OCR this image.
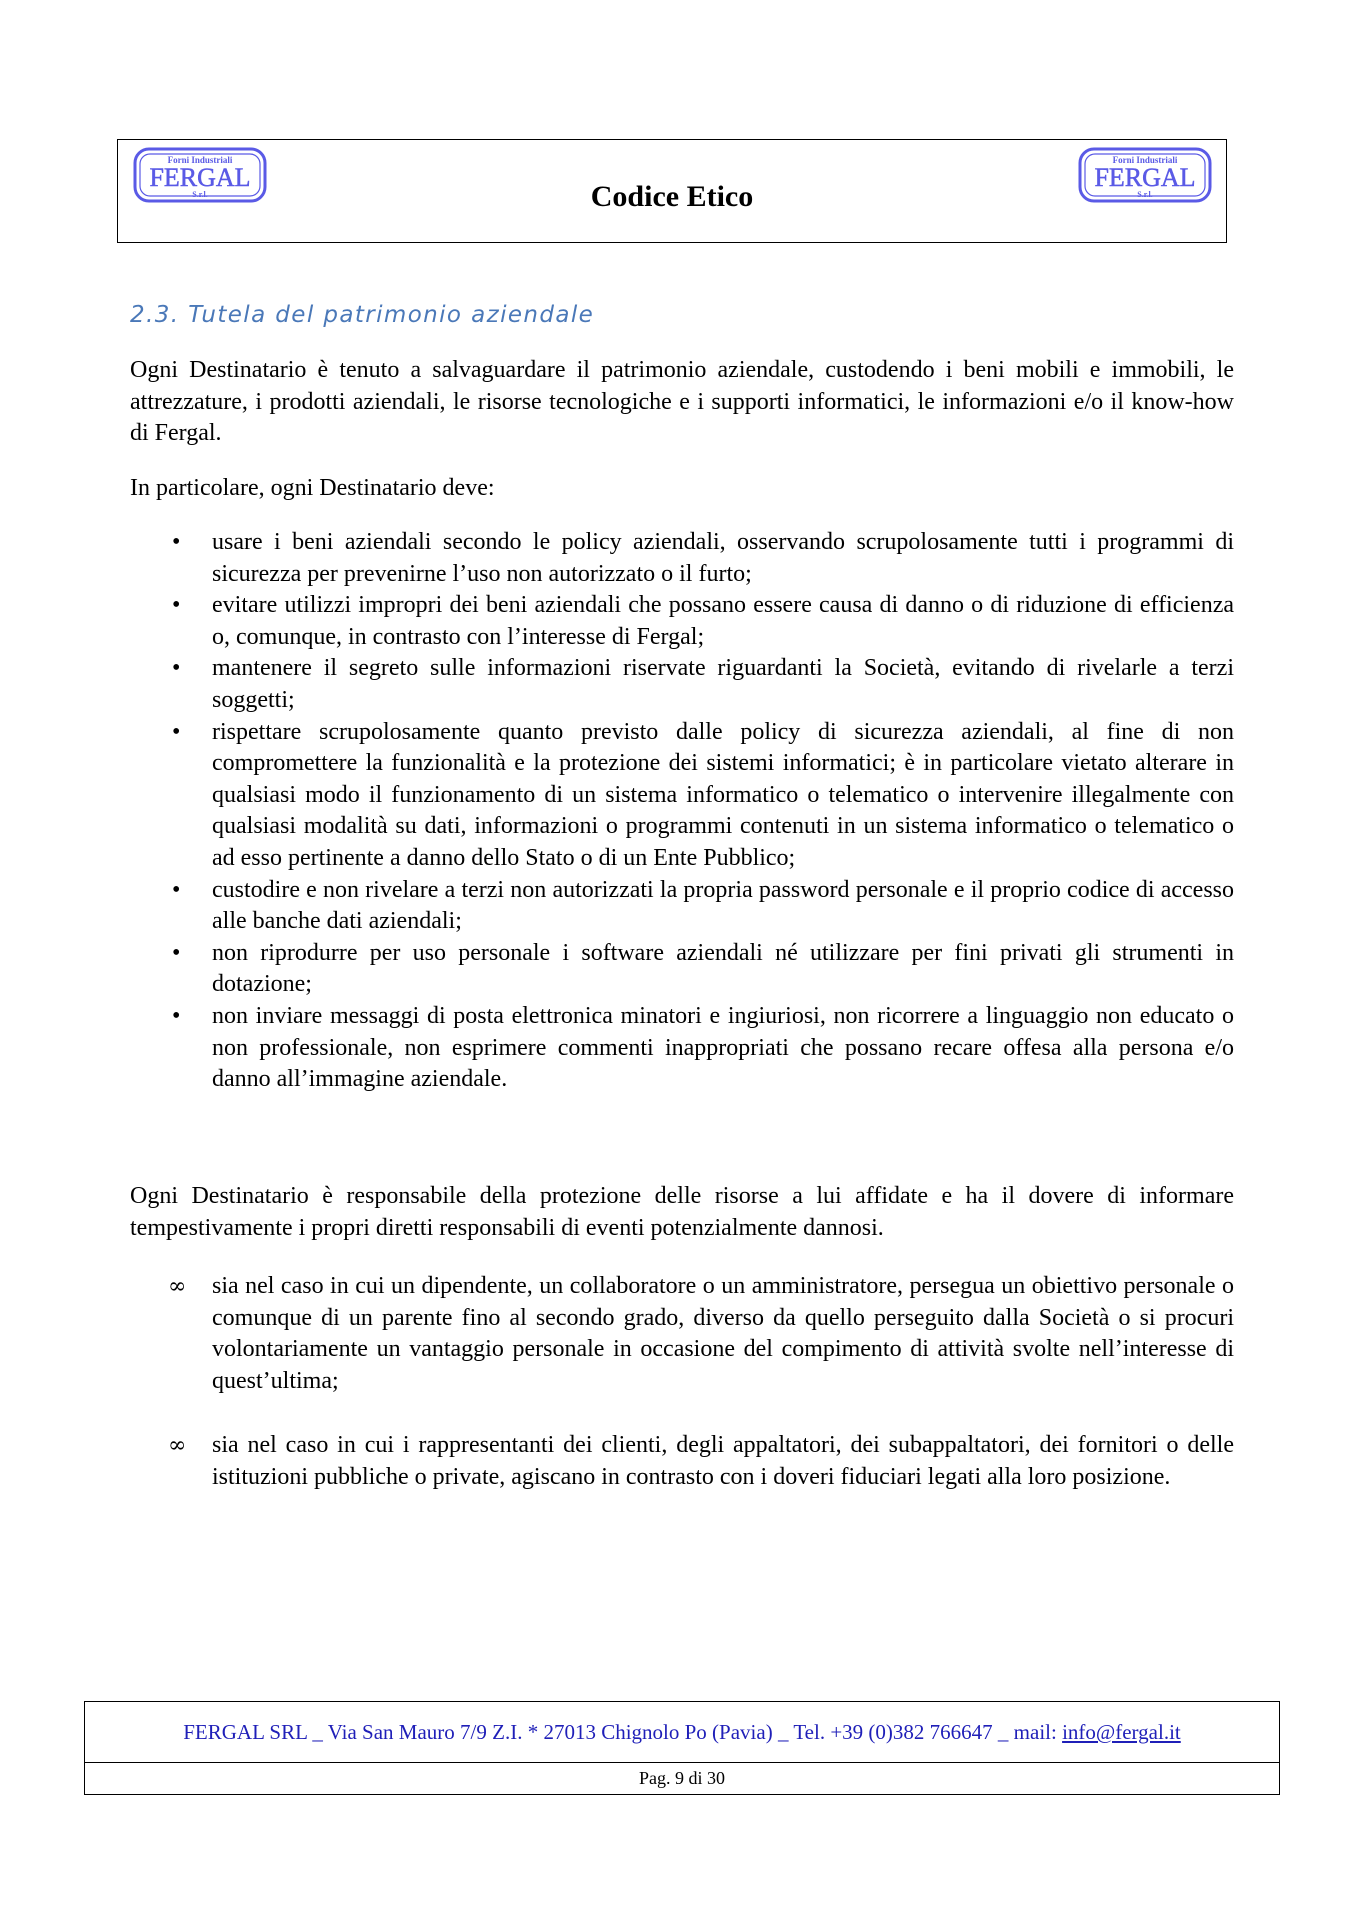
Forni Industriali
FERGAL
S.r.l.	Codice Etico
Forni Industriali
FERGAL
S.r.l.
2.3. Tutela del patrimonio aziendale

Ogni Destinatario è tenuto a salvaguardare il patrimonio aziendale, custodendo i beni mobili e immobili, le attrezzature, i prodotti aziendali, le risorse tecnologiche e i supporti informatici, le informazioni e/o il know-how di Fergal.

In particolare, ogni Destinatario deve:

• usare i beni aziendali secondo le policy aziendali, osservando scrupolosamente tutti i programmi di sicurezza per prevenirne l’uso non autorizzato o il furto;
• evitare utilizzi impropri dei beni aziendali che possano essere causa di danno o di riduzione di efficienza o, comunque, in contrasto con l’interesse di Fergal;
• mantenere il segreto sulle informazioni riservate riguardanti la Società, evitando di rivelarle a terzi soggetti;
• rispettare scrupolosamente quanto previsto dalle policy di sicurezza aziendali, al fine di non compromettere la funzionalità e la protezione dei sistemi informatici; è in particolare vietato alterare in qualsiasi modo il funzionamento di un sistema informatico o telematico o intervenire illegalmente con qualsiasi modalità su dati, informazioni o programmi contenuti in un sistema informatico o telematico o ad esso pertinente a danno dello Stato o di un Ente Pubblico;
• custodire e non rivelare a terzi non autorizzati la propria password personale e il proprio codice di accesso alle banche dati aziendali;
• non riprodurre per uso personale i software aziendali né utilizzare per fini privati gli strumenti in dotazione;
• non inviare messaggi di posta elettronica minatori e ingiuriosi, non ricorrere a linguaggio non educato o non professionale, non esprimere commenti inappropriati che possano recare offesa alla persona e/o danno all’immagine aziendale.

Ogni Destinatario è responsabile della protezione delle risorse a lui affidate e ha il dovere di informare tempestivamente i propri diretti responsabili di eventi potenzialmente dannosi.

∞ sia nel caso in cui un dipendente, un collaboratore o un amministratore, persegua un obiettivo personale o comunque di un parente fino al secondo grado, diverso da quello perseguito dalla Società o si procuri volontariamente un vantaggio personale in occasione del compimento di attività svolte nell’interesse di quest’ultima;
∞ sia nel caso in cui i rappresentanti dei clienti, degli appaltatori, dei subappaltatori, dei fornitori o delle istituzioni pubbliche o private, agiscano in contrasto con i doveri fiduciari legati alla loro posizione.
FERGAL SRL _ Via San Mauro 7/9 Z.I. * 27013 Chignolo Po (Pavia) _ Tel. +39 (0)382 766647 _ mail: info@fergal.it
Pag. 9 di 30
